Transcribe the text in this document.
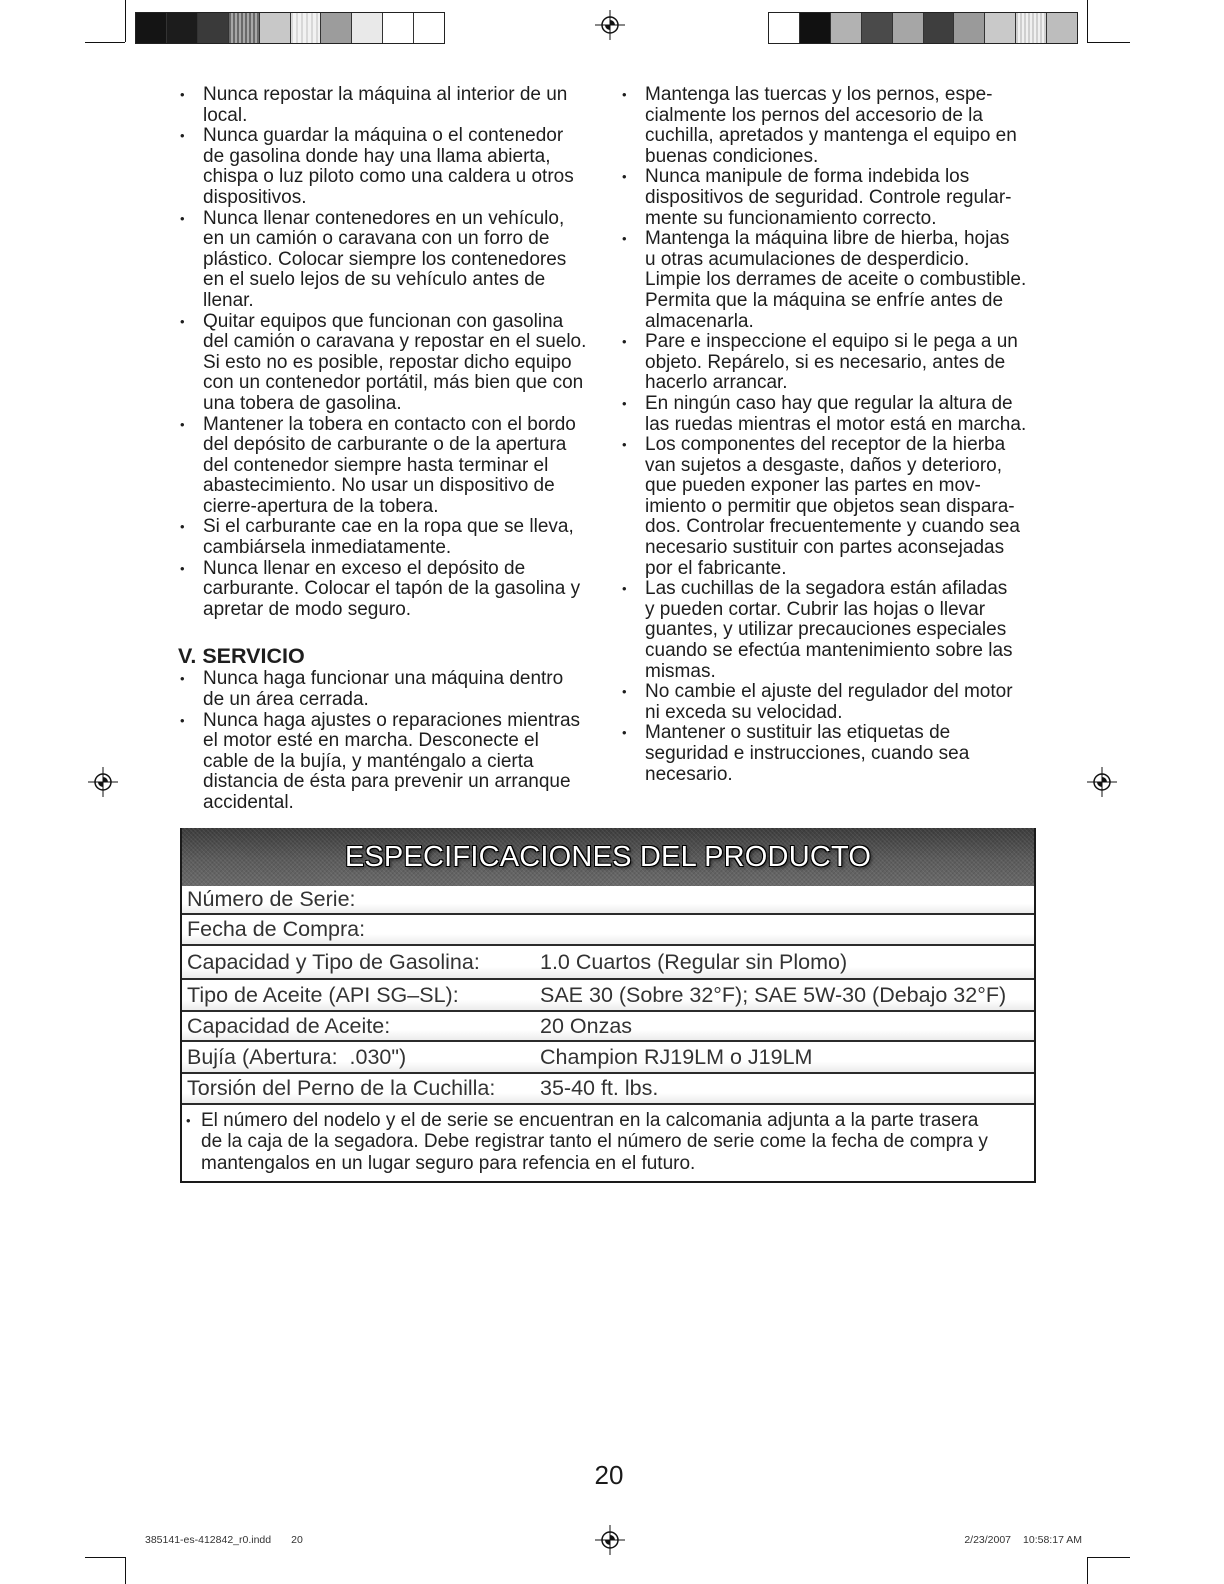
• Nunca repostar la máquina al interior de un
local.
• Nunca guardar la máquina o el contenedor
de gasolina donde hay una llama abierta,
chispa o luz piloto como una caldera u otros
dispositivos.
• Nunca llenar contenedores en un vehículo,
en un camión o caravana con un forro de
plástico. Colocar siempre los contenedores
en el suelo lejos de su vehículo antes de
llenar.
• Quitar equipos que funcionan con gasolina
del camión o caravana y repostar en el suelo.
Si esto no es posible, repostar dicho equipo
con un contenedor portátil, más bien que con
una tobera de gasolina.
• Mantener la tobera en contacto con el bordo
del depósito de carburante o de la apertura
del contenedor siempre hasta terminar el
abastecimiento. No usar un dispositivo de
cierre-apertura de la tobera.
• Si el carburante cae en la ropa que se lleva,
cambiársela inmediatamente.
• Nunca llenar en exceso el depósito de
carburante. Colocar el tapón de la gasolina y
apretar de modo seguro.
V. SERVICIO
• Nunca haga funcionar una máquina dentro
de un área cerrada.
• Nunca haga ajustes o reparaciones mientras
el motor esté en marcha. Desconecte el
cable de la bujía, y manténgalo a cierta
distancia de ésta para prevenir un arranque
accidental.
• Mantenga las tuercas y los pernos, espe-
cialmente los pernos del accesorio de la
cuchilla, apretados y mantenga el equipo en
buenas condiciones.
• Nunca manipule de forma indebida los
dispositivos de seguridad. Controle regular-
mente su funcionamiento correcto.
• Mantenga la máquina libre de hierba, hojas
u otras acumulaciones de desperdicio.
Limpie los derrames de aceite o combustible.
Permita que la máquina se enfríe antes de
almacenarla.
• Pare e inspeccione el equipo si le pega a un
objeto. Repárelo, si es necesario, antes de
hacerlo arrancar.
• En ningún caso hay que regular la altura de
las ruedas mientras el motor está en marcha.
• Los componentes del receptor de la hierba
van sujetos a desgaste, daños y deterioro,
que pueden exponer las partes en mov-
imiento o permitir que objetos sean dispara-
dos. Controlar frecuentemente y cuando sea
necesario sustituir con partes aconsejadas
por el fabricante.
• Las cuchillas de la segadora están afiladas
y pueden cortar. Cubrir las hojas o llevar
guantes, y utilizar precauciones especiales
cuando se efectúa mantenimiento sobre las
mismas.
• No cambie el ajuste del regulador del motor
ni exceda su velocidad.
• Mantener o sustituir las etiquetas de
seguridad e instrucciones, cuando sea
necesario.
ESPECIFICACIONES DEL PRODUCTO
Número de Serie:
Fecha de Compra:
Capacidad y Tipo de Gasolina:	1.0 Cuartos (Regular sin Plomo)
Tipo de Aceite (API SG–SL):	SAE 30 (Sobre 32°F); SAE 5W-30 (Debajo 32°F)
Capacidad de Aceite:	20 Onzas
Bujía (Abertura:  .030")	Champion RJ19LM o J19LM
Torsión del Perno de la Cuchilla:	35-40 ft. lbs.
• El número del nodelo y el de serie se encuentran en la calcomania adjunta a la parte trasera
de la caja de la segadora. Debe registrar tanto el número de serie come la fecha de compra y
mantengalos en un lugar seguro para refencia en el futuro.
20
385141-es-412842_r0.indd 20	2/23/2007 10:58:17 AM
